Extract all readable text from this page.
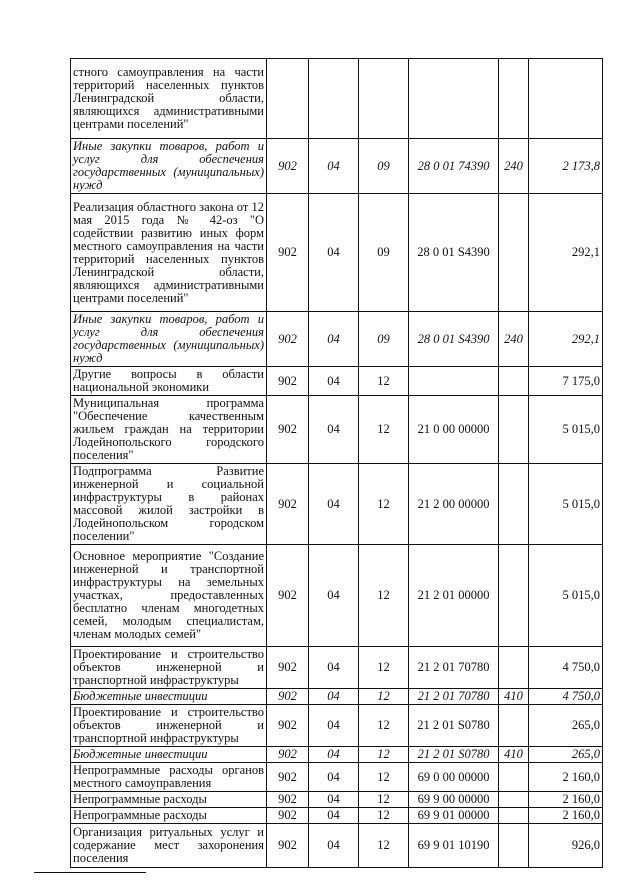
стного самоуправления на части территорий населенных пунктов Ленинградской области, являющихся административными центрами поселений"						
Иные закупки товаров, работ и услуг для обеспечения государственных (муниципальных) нужд	902	04	09	28 0 01 74390	240	2 173,8
Реализация областного закона от 12 мая 2015 года № 42-оз "О содействии развитию иных форм местного самоуправления на части территорий населенных пунктов Ленинградской области, являющихся административными центрами поселений"	902	04	09	28 0 01 S4390		292,1
Иные закупки товаров, работ и услуг для обеспечения государственных (муниципальных) нужд	902	04	09	28 0 01 S4390	240	292,1
Другие вопросы в области национальной экономики	902	04	12			7 175,0
Муниципальная программа "Обеспечение качественным жильем граждан на территории Лодейнопольского городского поселения"	902	04	12	21 0 00 00000		5 015,0
Подпрограмма Развитие инженерной и социальной инфраструктуры в районах массовой жилой застройки в Лодейнопольском городском поселении"	902	04	12	21 2 00 00000		5 015,0
Основное мероприятие "Создание инженерной и транспортной инфраструктуры на земельных участках, предоставленных бесплатно членам многодетных семей, молодым специалистам, членам молодых семей"	902	04	12	21 2 01 00000		5 015,0
Проектирование и строительство объектов инженерной и транспортной инфраструктуры	902	04	12	21 2 01 70780		4 750,0
Бюджетные инвестиции	902	04	12	21 2 01 70780	410	4 750,0
Проектирование и строительство объектов инженерной и транспортной инфраструктуры	902	04	12	21 2 01 S0780		265,0
Бюджетные инвестиции	902	04	12	21 2 01 S0780	410	265,0
Непрограммные расходы органов местного самоуправления	902	04	12	69 0 00 00000		2 160,0
Непрограммные расходы	902	04	12	69 9 00 00000		2 160,0
Непрограммные расходы	902	04	12	69 9 01 00000		2 160,0
Организация ритуальных услуг и содержание мест захоронения поселения	902	04	12	69 9 01 10190		926,0
